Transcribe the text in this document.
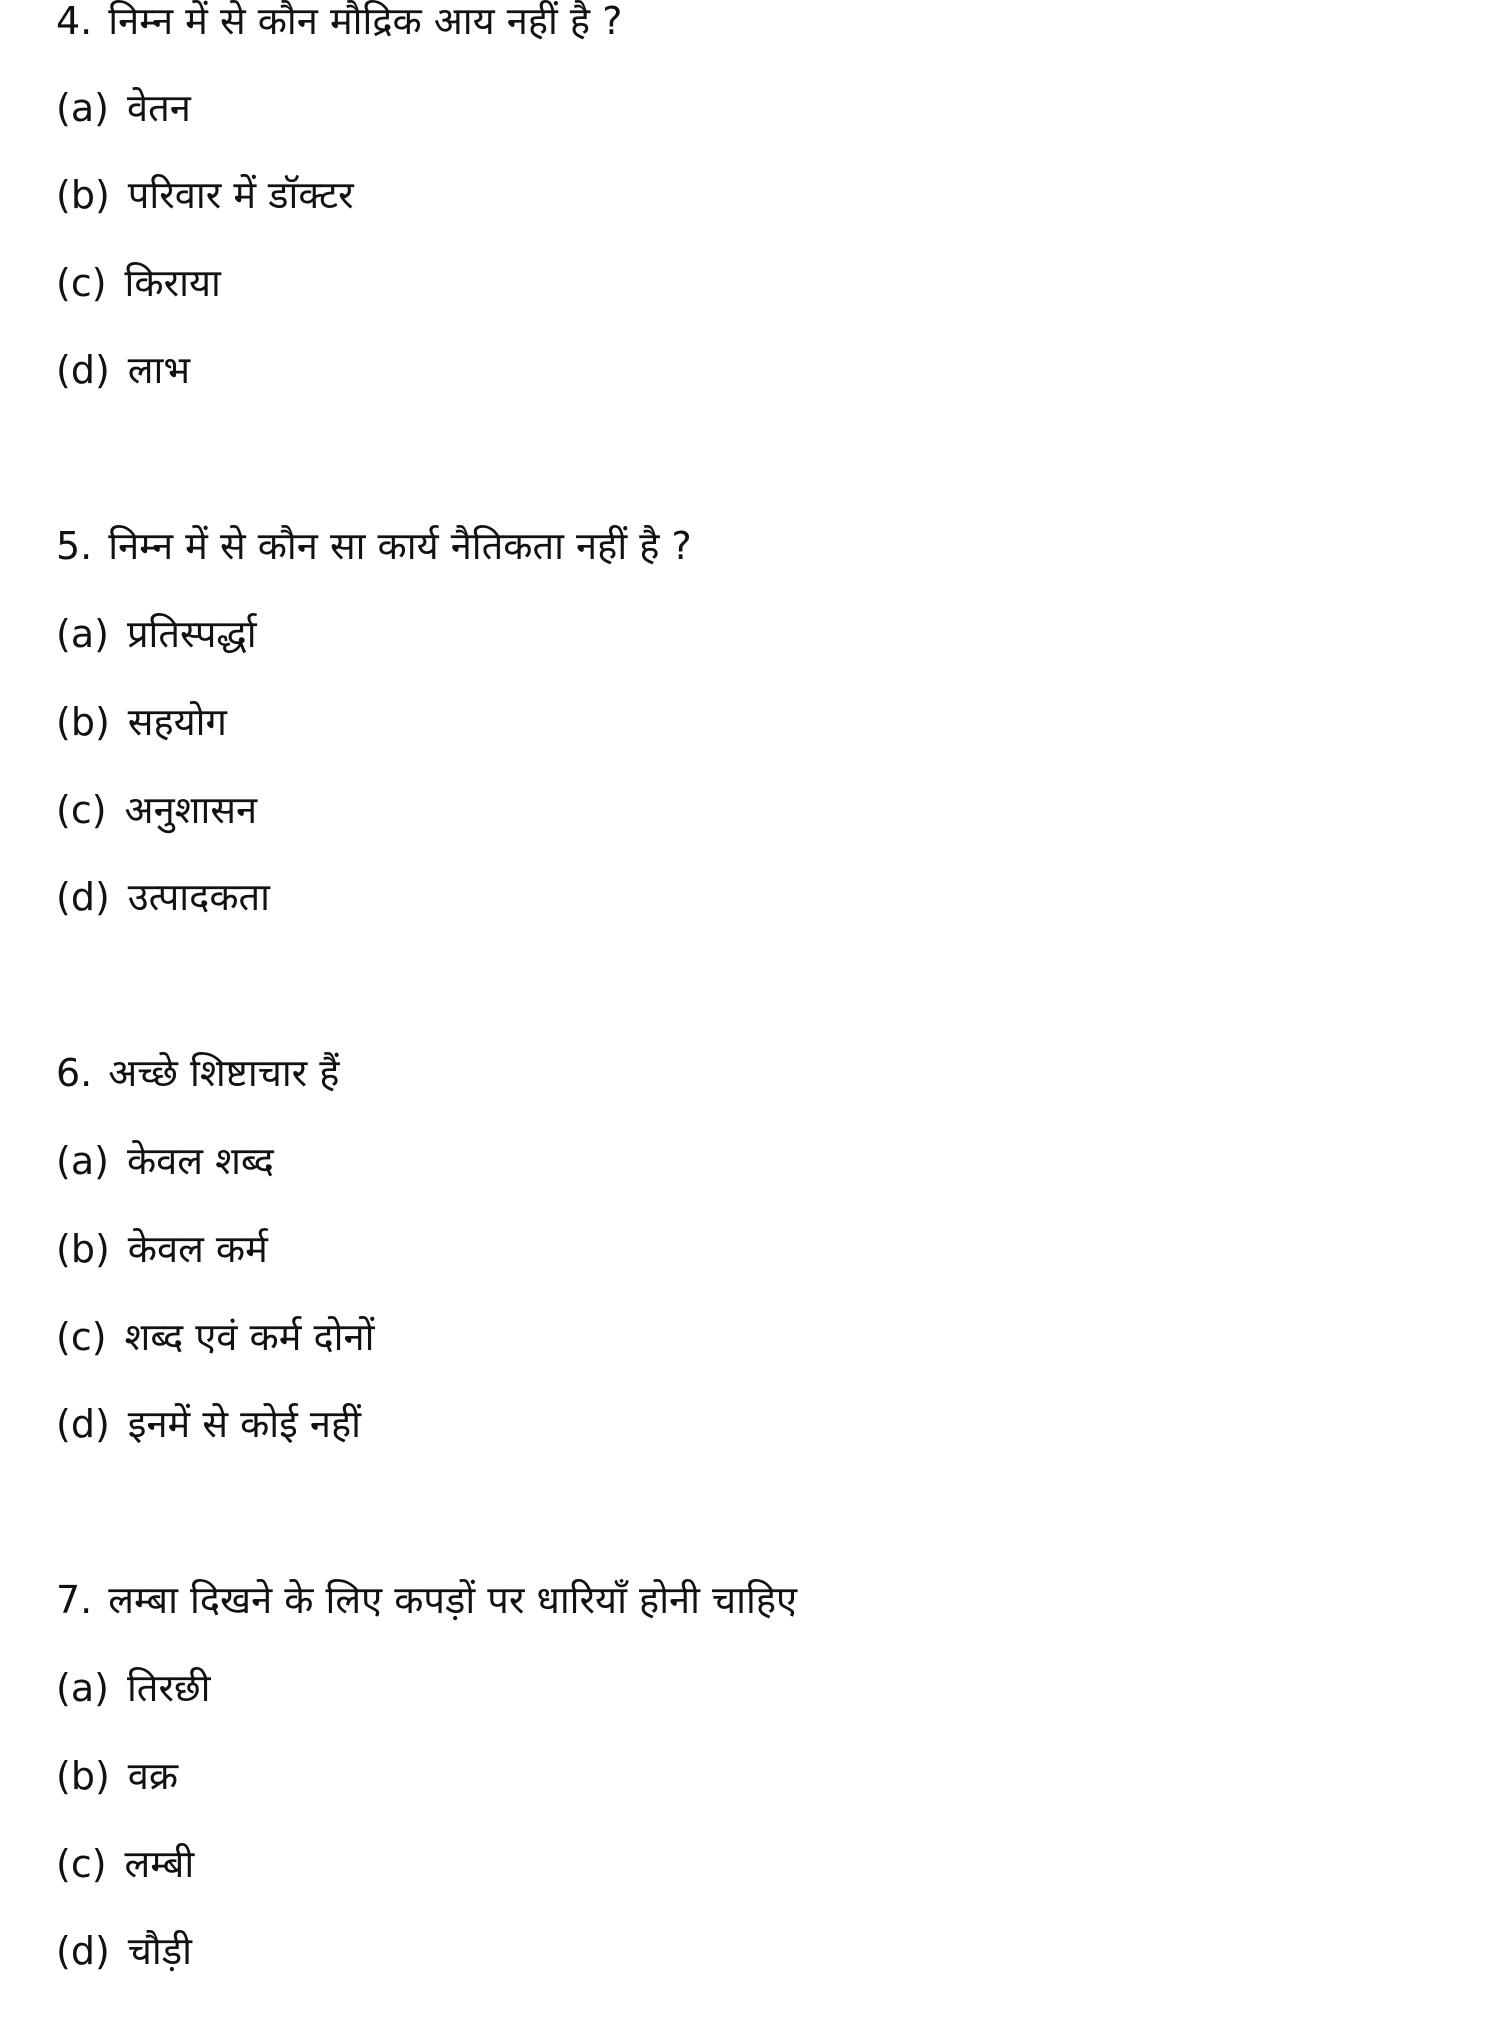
4. निम्न में से कौन मौद्रिक आय नहीं है ?
(a) वेतन
(b) परिवार में डॉक्टर
(c) किराया
(d) लाभ
5. निम्न में से कौन सा कार्य नैतिकता नहीं है ?
(a) प्रतिस्पर्द्धा
(b) सहयोग
(c) अनुशासन
(d) उत्पादकता
6. अच्छे शिष्टाचार हैं
(a) केवल शब्द
(b) केवल कर्म
(c) शब्द एवं कर्म दोनों
(d) इनमें से कोई नहीं
7. लम्बा दिखने के लिए कपड़ों पर धारियाँ होनी चाहिए
(a) तिरछी
(b) वक्र
(c) लम्बी
(d) चौड़ी
